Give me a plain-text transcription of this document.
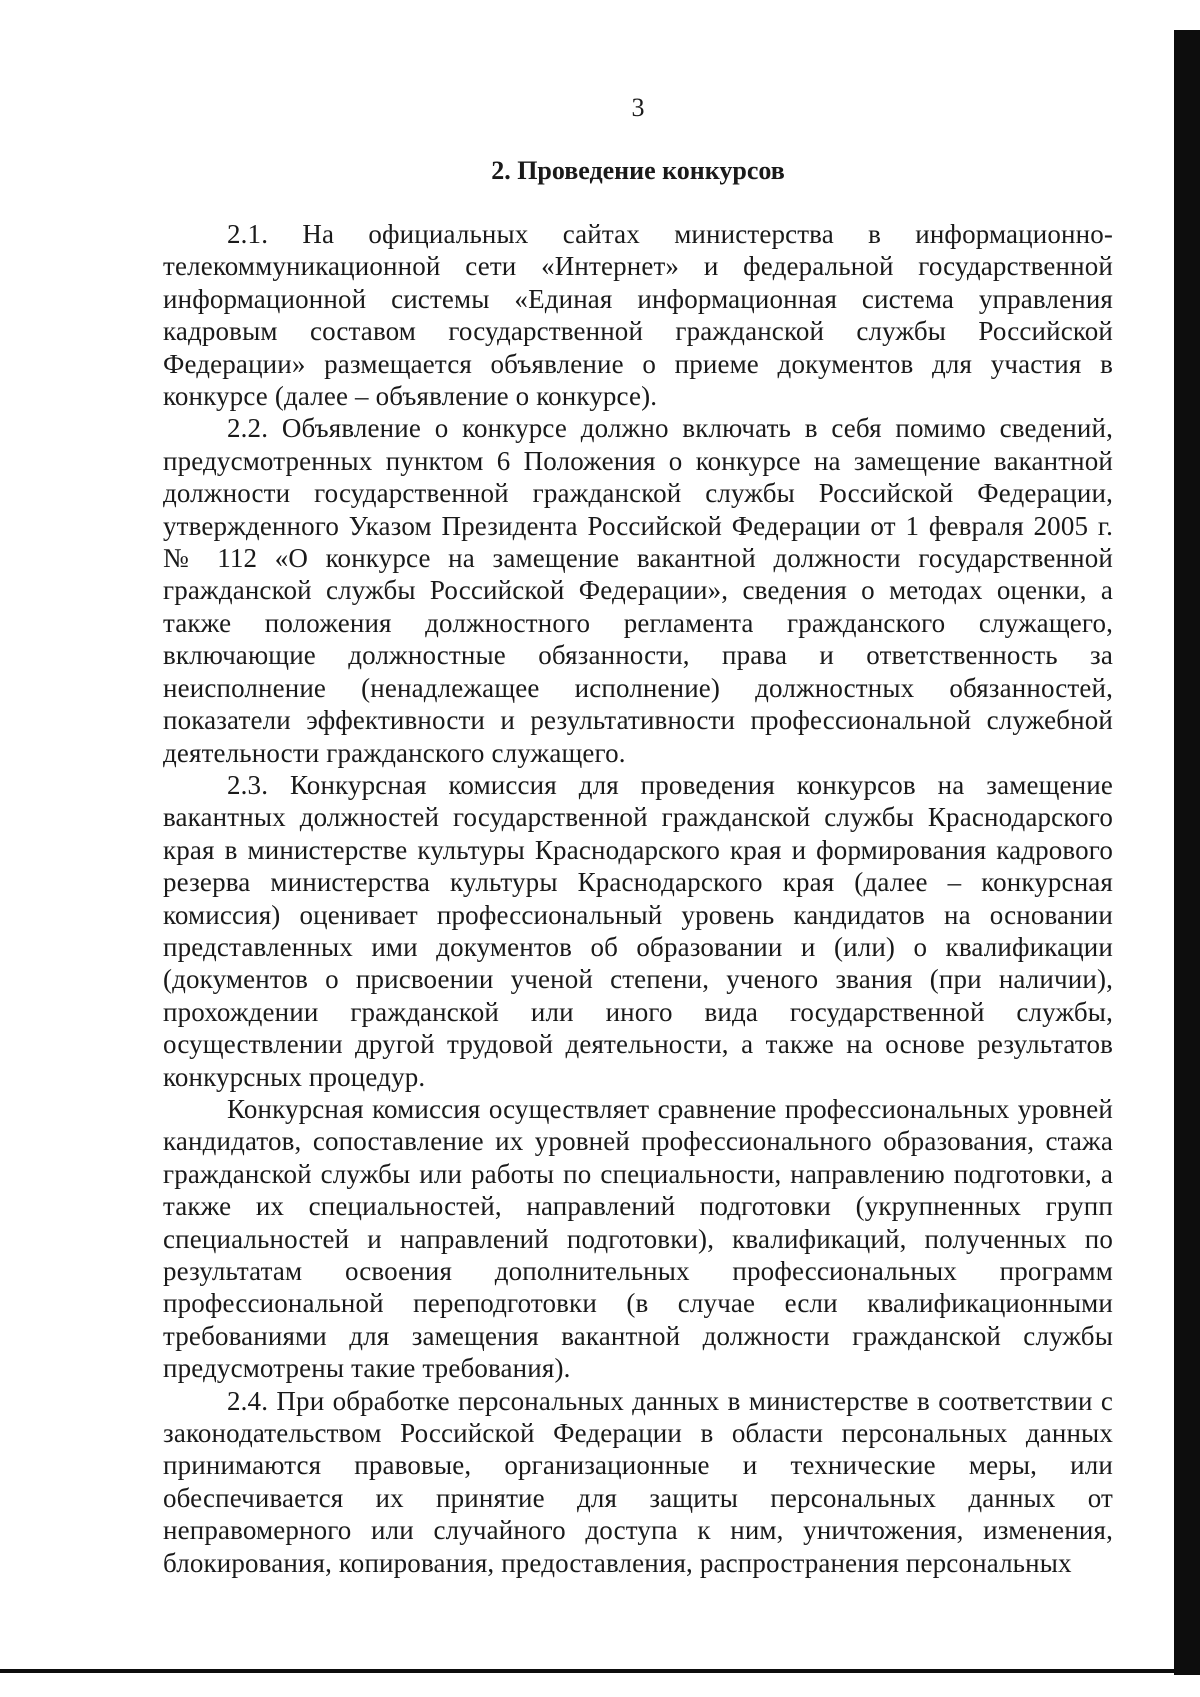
3
2. Проведение конкурсов

2.1. На официальных сайтах министерства в информационно-телекоммуникационной сети «Интернет» и федеральной государственной информационной системы «Единая информационная система управления кадровым составом государственной гражданской службы Российской Федерации» размещается объявление о приеме документов для участия в конкурсе (далее – объявление о конкурсе).

2.2. Объявление о конкурсе должно включать в себя помимо сведений, предусмотренных пунктом 6 Положения о конкурсе на замещение вакантной должности государственной гражданской службы Российской Федерации, утвержденного Указом Президента Российской Федерации от 1 февраля 2005 г. № 112 «О конкурсе на замещение вакантной должности государственной гражданской службы Российской Федерации», сведения о методах оценки, а также положения должностного регламента гражданского служащего, включающие должностные обязанности, права и ответственность за неисполнение (ненадлежащее исполнение) должностных обязанностей, показатели эффективности и результативности профессиональной служебной деятельности гражданского служащего.

2.3. Конкурсная комиссия для проведения конкурсов на замещение вакантных должностей государственной гражданской службы Краснодарского края в министерстве культуры Краснодарского края и формирования кадрового резерва министерства культуры Краснодарского края (далее – конкурсная комиссия) оценивает профессиональный уровень кандидатов на основании представленных ими документов об образовании и (или) о квалификации (документов о присвоении ученой степени, ученого звания (при наличии), прохождении гражданской или иного вида государственной службы, осуществлении другой трудовой деятельности, а также на основе результатов конкурсных процедур.

Конкурсная комиссия осуществляет сравнение профессиональных уровней кандидатов, сопоставление их уровней профессионального образования, стажа гражданской службы или работы по специальности, направлению подготовки, а также их специальностей, направлений подготовки (укрупненных групп специальностей и направлений подготовки), квалификаций, полученных по результатам освоения дополнительных профессиональных программ профессиональной переподготовки (в случае если квалификационными требованиями для замещения вакантной должности гражданской службы предусмотрены такие требования).

2.4. При обработке персональных данных в министерстве в соответствии с законодательством Российской Федерации в области персональных данных принимаются правовые, организационные и технические меры, или обеспечивается их принятие для защиты персональных данных от неправомерного или случайного доступа к ним, уничтожения, изменения, блокирования, копирования, предоставления, распространения персональных
